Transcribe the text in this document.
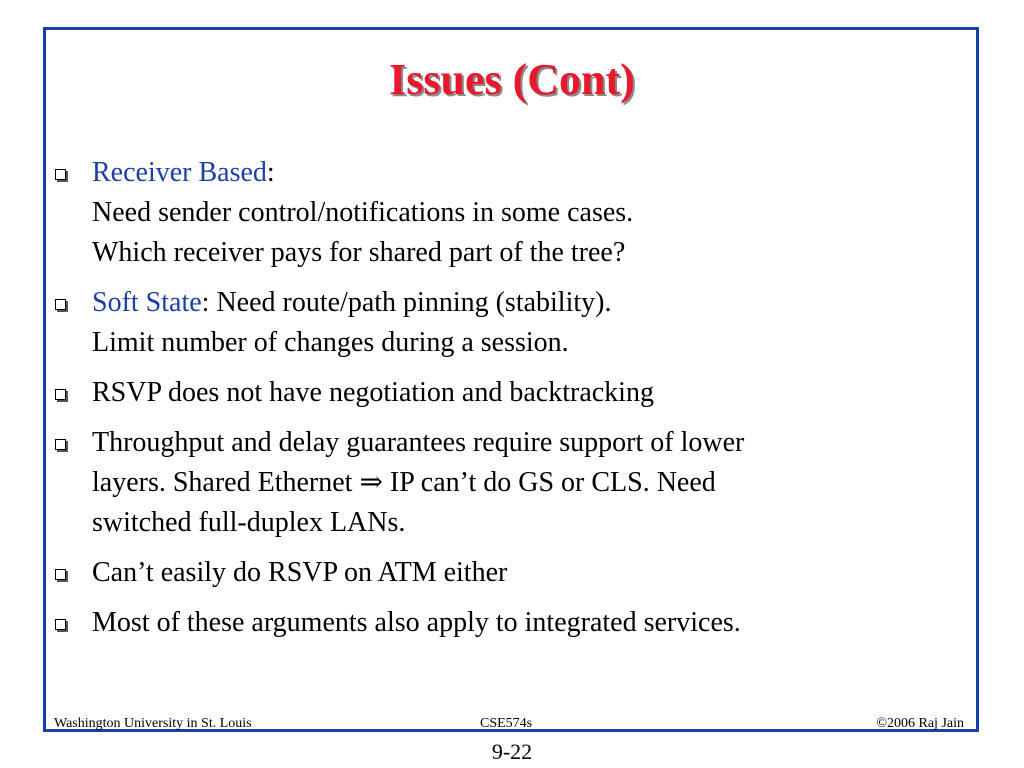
Issues (Cont)
Receiver Based:
Need sender control/notifications in some cases.
Which receiver pays for shared part of the tree?
Soft State: Need route/path pinning (stability).
Limit number of changes during a session.
RSVP does not have negotiation and backtracking
Throughput and delay guarantees require support of lower
layers. Shared Ethernet ⇒ IP can’t do GS or CLS. Need
switched full-duplex LANs.
Can’t easily do RSVP on ATM either
Most of these arguments also apply to integrated services.
Washington University in St. Louis	CSE574s	©2006 Raj Jain
9-22
